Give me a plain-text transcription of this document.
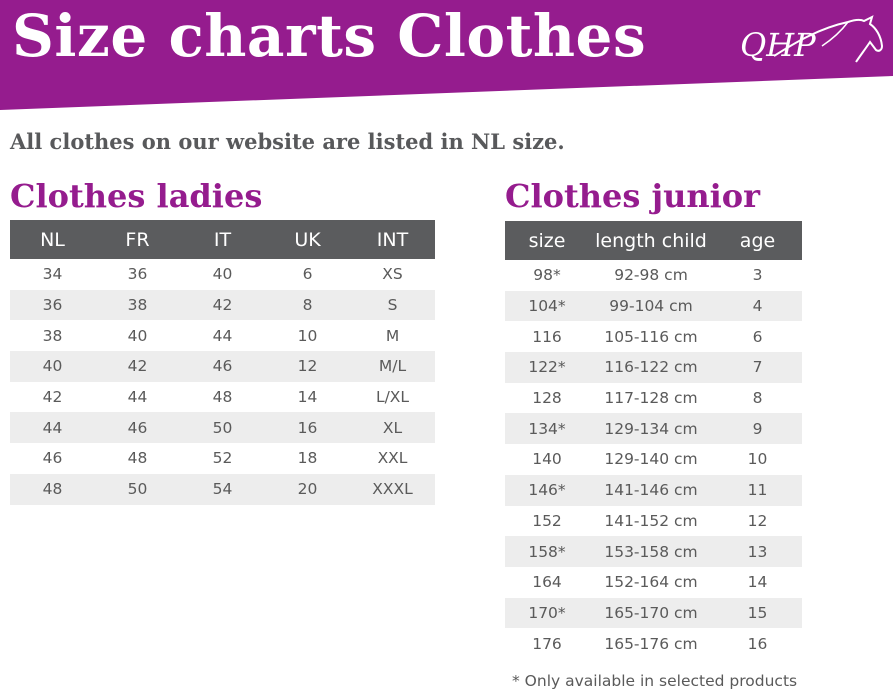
Size charts Clothes	QHP

All clothes on our website are listed in NL size.

Clothes ladies
NL	FR	IT	UK	INT
34	36	40	6	XS
36	38	42	8	S
38	40	44	10	M
40	42	46	12	M/L
42	44	48	14	L/XL
44	46	50	16	XL
46	48	52	18	XXL
48	50	54	20	XXXL
Clothes junior
size	length child	age
98*	92-98 cm	3
104*	99-104 cm	4
116	105-116 cm	6
122*	116-122 cm	7
128	117-128 cm	8
134*	129-134 cm	9
140	129-140 cm	10
146*	141-146 cm	11
152	141-152 cm	12
158*	153-158 cm	13
164	152-164 cm	14
170*	165-170 cm	15
176	165-176 cm	16

* Only available in selected products
